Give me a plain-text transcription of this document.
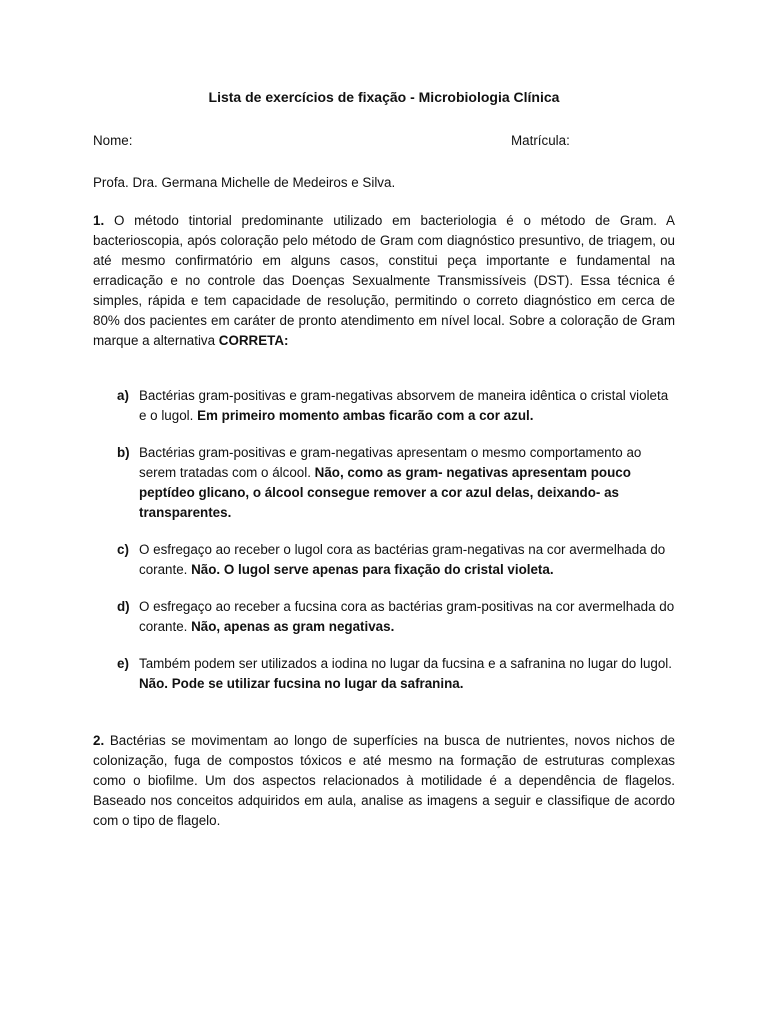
Lista de exercícios de fixação - Microbiologia Clínica
Nome:	Matrícula:
Profa. Dra. Germana Michelle de Medeiros e Silva.
1. O método tintorial predominante utilizado em bacteriologia é o método de Gram. A bacterioscopia, após coloração pelo método de Gram com diagnóstico presuntivo, de triagem, ou até mesmo confirmatório em alguns casos, constitui peça importante e fundamental na erradicação e no controle das Doenças Sexualmente Transmissíveis (DST). Essa técnica é simples, rápida e tem capacidade de resolução, permitindo o correto diagnóstico em cerca de 80% dos pacientes em caráter de pronto atendimento em nível local. Sobre a coloração de Gram marque a alternativa CORRETA:
a) Bactérias gram-positivas e gram-negativas absorvem de maneira idêntica o cristal violeta e o lugol. Em primeiro momento ambas ficarão com a cor azul.
b) Bactérias gram-positivas e gram-negativas apresentam o mesmo comportamento ao serem tratadas com o álcool. Não, como as gram- negativas apresentam pouco peptídeo glicano, o álcool consegue remover a cor azul delas, deixando- as transparentes.
c) O esfregaço ao receber o lugol cora as bactérias gram-negativas na cor avermelhada do corante. Não. O lugol serve apenas para fixação do cristal violeta.
d) O esfregaço ao receber a fucsina cora as bactérias gram-positivas na cor avermelhada do corante. Não, apenas as gram negativas.
e) Também podem ser utilizados a iodina no lugar da fucsina e a safranina no lugar do lugol. Não. Pode se utilizar fucsina no lugar da safranina.
2. Bactérias se movimentam ao longo de superfícies na busca de nutrientes, novos nichos de colonização, fuga de compostos tóxicos e até mesmo na formação de estruturas complexas como o biofilme. Um dos aspectos relacionados à motilidade é a dependência de flagelos. Baseado nos conceitos adquiridos em aula, analise as imagens a seguir e classifique de acordo com o tipo de flagelo.
